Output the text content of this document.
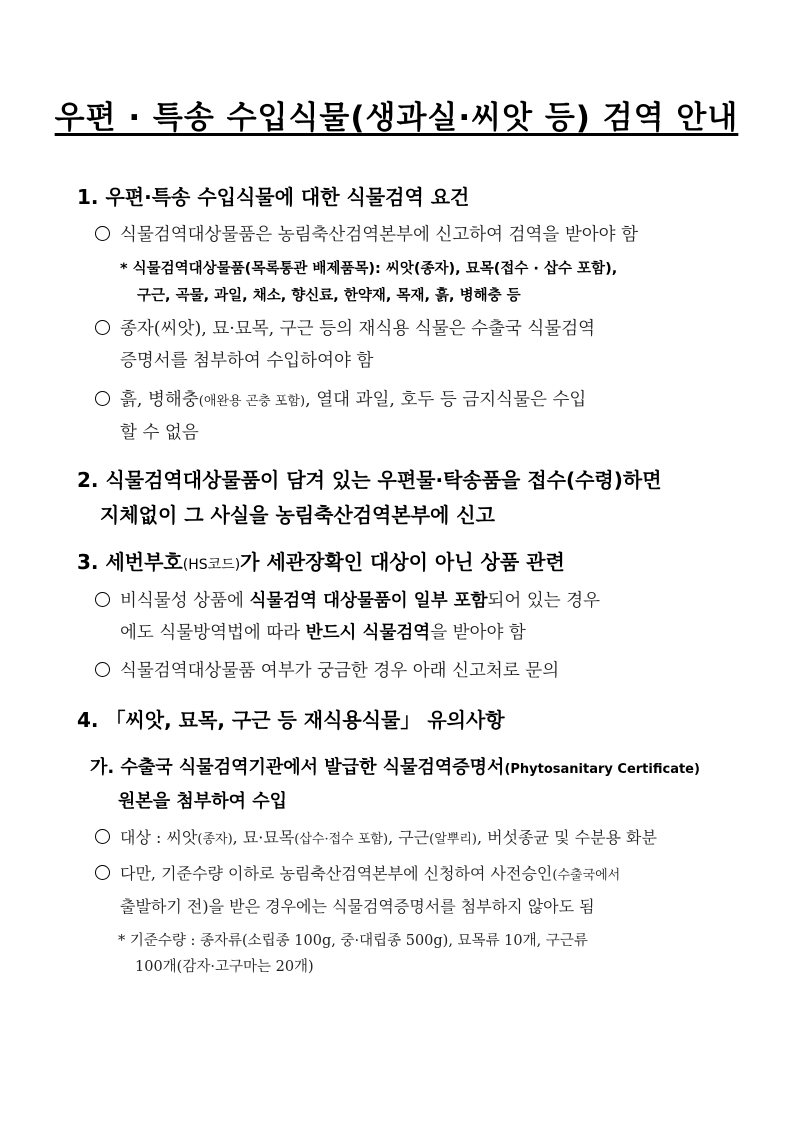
우편 · 특송 수입식물(생과실·씨앗 등) 검역 안내
1. 우편·특송 수입식물에 대한 식물검역 요건
식물검역대상물품은 농림축산검역본부에 신고하여 검역을 받아야 함
* 식물검역대상물품(목록통관 배제품목): 씨앗(종자), 묘목(접수 · 삽수 포함),
구근, 곡물, 과일, 채소, 향신료, 한약재, 목재, 흙, 병해충 등
종자(씨앗), 묘·묘목, 구근 등의 재식용 식물은 수출국 식물검역
증명서를 첨부하여 수입하여야 함
흙, 병해충(애완용 곤충 포함), 열대 과일, 호두 등 금지식물은 수입
할 수 없음
2. 식물검역대상물품이 담겨 있는 우편물·탁송품을 접수(수령)하면
지체없이 그 사실을 농림축산검역본부에 신고
3. 세번부호(HS코드)가 세관장확인 대상이 아닌 상품 관련
비식물성 상품에 식물검역 대상물품이 일부 포함되어 있는 경우
에도 식물방역법에 따라 반드시 식물검역을 받아야 함
식물검역대상물품 여부가 궁금한 경우 아래 신고처로 문의
4. 「씨앗, 묘목, 구근 등 재식용식물」 유의사항
가. 수출국 식물검역기관에서 발급한 식물검역증명서(Phytosanitary Certificate)
원본을 첨부하여 수입
대상 : 씨앗(종자), 묘·묘목(삽수·접수 포함), 구근(알뿌리), 버섯종균 및 수분용 화분
다만, 기준수량 이하로 농림축산검역본부에 신청하여 사전승인(수출국에서
출발하기 전)을 받은 경우에는 식물검역증명서를 첨부하지 않아도 됨
* 기준수량 : 종자류(소립종 100g, 중·대립종 500g), 묘목류 10개, 구근류
100개(감자·고구마는 20개)
